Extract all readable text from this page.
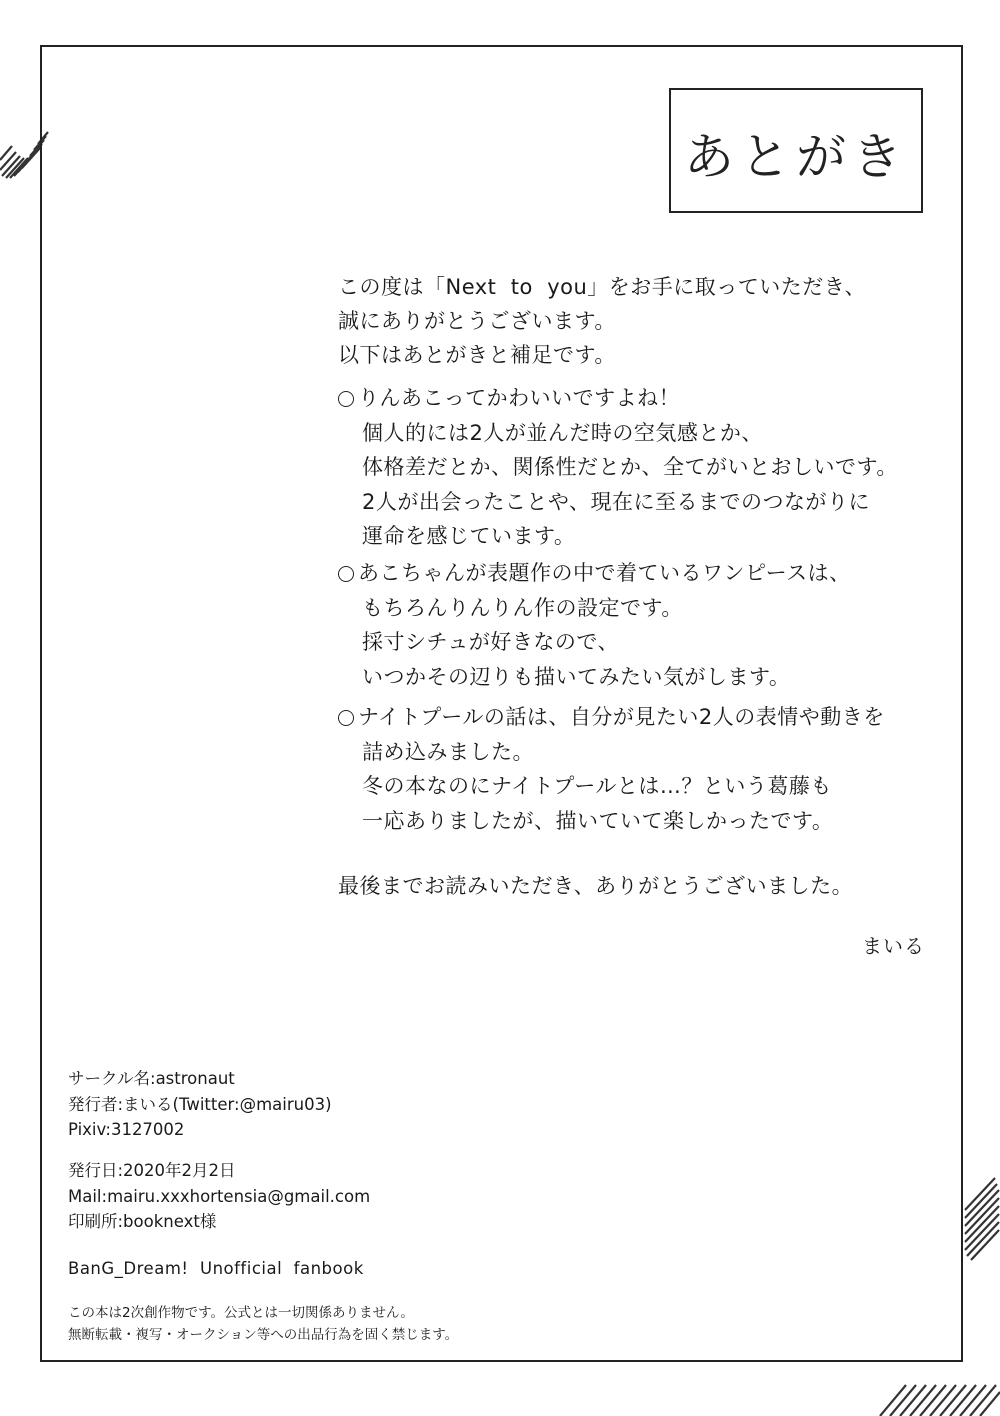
あとがき
この度は「Next  to  you」をお手に取っていただき、
誠にありがとうございます。
以下はあとがきと補足です。
りんあこってかわいいですよね！
個人的には2人が並んだ時の空気感とか、
体格差だとか、関係性だとか、全てがいとおしいです。
2人が出会ったことや、現在に至るまでのつながりに
運命を感じています。
あこちゃんが表題作の中で着ているワンピースは、
もちろんりんりん作の設定です。
採寸シチュが好きなので、
いつかその辺りも描いてみたい気がします。
ナイトプールの話は、自分が見たい2人の表情や動きを
詰め込みました。
冬の本なのにナイトプールとは…？という葛藤も
一応ありましたが、描いていて楽しかったです。
最後までお読みいただき、ありがとうございました。
まいる
サークル名:astronaut
発行者:まいる(Twitter:@mairu03)
Pixiv:3127002
発行日:2020年2月2日
Mail:mairu.xxxhortensia@gmail.com
印刷所:booknext様
BanG_Dream!  Unofficial  fanbook
この本は2次創作物です。公式とは一切関係ありません。
無断転載・複写・オークション等への出品行為を固く禁じます。
